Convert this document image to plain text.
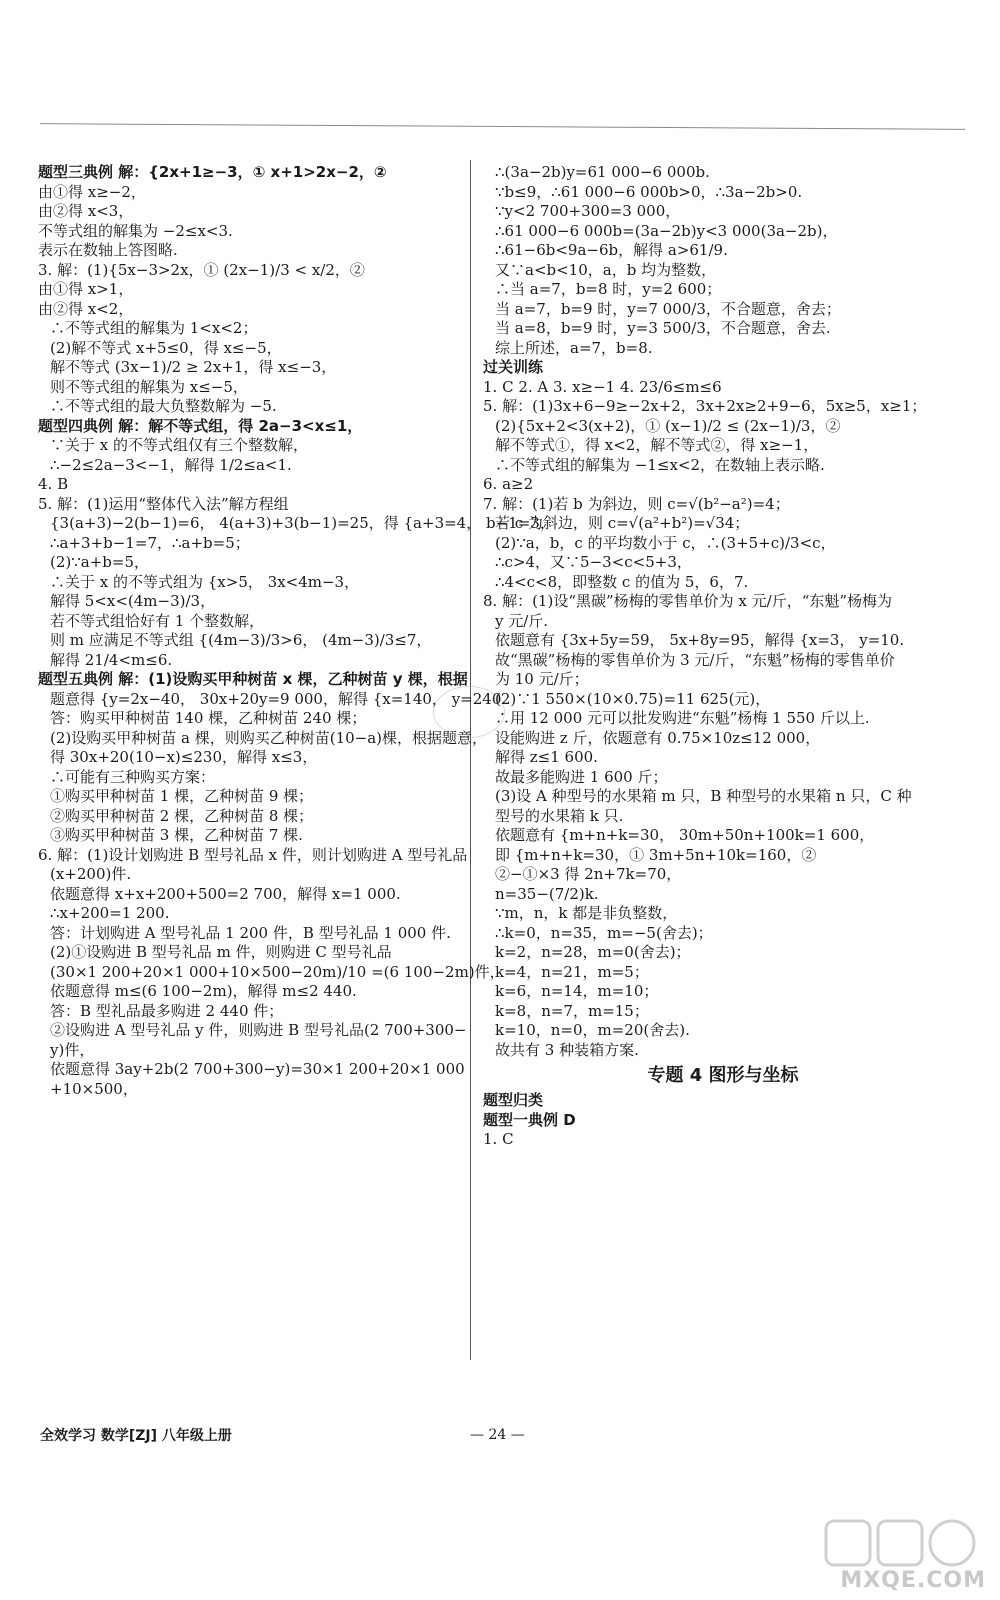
题型三典例 解：{2x+1≥−3，① x+1>2x−2，②
由①得 x≥−2，
由②得 x<3，
不等式组的解集为 −2≤x<3.
表示在数轴上答图略.
3. 解：(1){5x−3>2x，① (2x−1)/3 < x/2，②
由①得 x>1，
由②得 x<2，
∴不等式组的解集为 1<x<2；
(2)解不等式 x+5≤0，得 x≤−5，
解不等式 (3x−1)/2 ≥ 2x+1，得 x≤−3，
则不等式组的解集为 x≤−5，
∴不等式组的最大负整数解为 −5.
题型四典例 解：解不等式组，得 2a−3<x≤1，
∵关于 x 的不等式组仅有三个整数解，
∴−2≤2a−3<−1，解得 1/2≤a<1.
4. B
5. 解：(1)运用“整体代入法”解方程组
{3(a+3)−2(b−1)=6， 4(a+3)+3(b−1)=25，得 {a+3=4， b−1=3，
∴a+3+b−1=7，∴a+b=5；
(2)∵a+b=5，
∴关于 x 的不等式组为 {x>5， 3x<4m−3，
解得 5<x<(4m−3)/3，
若不等式组恰好有 1 个整数解，
则 m 应满足不等式组 {(4m−3)/3>6， (4m−3)/3≤7，
解得 21/4<m≤6.
题型五典例 解：(1)设购买甲种树苗 x 棵，乙种树苗 y 棵，根据
题意得 {y=2x−40， 30x+20y=9 000，解得 {x=140， y=240.
答：购买甲种树苗 140 棵，乙种树苗 240 棵；
(2)设购买甲种树苗 a 棵，则购买乙种树苗(10−a)棵，根据题意，
得 30x+20(10−x)≤230，解得 x≤3，
∴可能有三种购买方案：
①购买甲种树苗 1 棵，乙种树苗 9 棵；
②购买甲种树苗 2 棵，乙种树苗 8 棵；
③购买甲种树苗 3 棵，乙种树苗 7 棵.
6. 解：(1)设计划购进 B 型号礼品 x 件，则计划购进 A 型号礼品
(x+200)件.
依题意得 x+x+200+500=2 700，解得 x=1 000.
∴x+200=1 200.
答：计划购进 A 型号礼品 1 200 件，B 型号礼品 1 000 件.
(2)①设购进 B 型号礼品 m 件，则购进 C 型号礼品
(30×1 200+20×1 000+10×500−20m)/10 =(6 100−2m)件，
依题意得 m≤(6 100−2m)，解得 m≤2 440.
答：B 型礼品最多购进 2 440 件；
②设购进 A 型号礼品 y 件，则购进 B 型号礼品(2 700+300−
y)件，
依题意得 3ay+2b(2 700+300−y)=30×1 200+20×1 000
+10×500，
∴(3a−2b)y=61 000−6 000b.
∵b≤9，∴61 000−6 000b>0，∴3a−2b>0.
∵y<2 700+300=3 000，
∴61 000−6 000b=(3a−2b)y<3 000(3a−2b)，
∴61−6b<9a−6b，解得 a>61/9.
又∵a<b<10，a，b 均为整数，
∴当 a=7，b=8 时，y=2 600；
当 a=7，b=9 时，y=7 000/3，不合题意，舍去；
当 a=8，b=9 时，y=3 500/3，不合题意，舍去.
综上所述，a=7，b=8.
过关训练
1. C 2. A 3. x≥−1 4. 23/6≤m≤6
5. 解：(1)3x+6−9≥−2x+2，3x+2x≥2+9−6，5x≥5，x≥1；
(2){5x+2<3(x+2)，① (x−1)/2 ≤ (2x−1)/3，②
解不等式①，得 x<2，解不等式②，得 x≥−1，
∴不等式组的解集为 −1≤x<2，在数轴上表示略.
6. a≥2
7. 解：(1)若 b 为斜边，则 c=√(b²−a²)=4；
若 c 为斜边，则 c=√(a²+b²)=√34；
(2)∵a，b，c 的平均数小于 c，∴(3+5+c)/3<c，
∴c>4，又∵5−3<c<5+3，
∴4<c<8，即整数 c 的值为 5，6，7.
8. 解：(1)设“黑碳”杨梅的零售单价为 x 元/斤，“东魁”杨梅为
y 元/斤.
依题意有 {3x+5y=59， 5x+8y=95，解得 {x=3， y=10.
故“黑碳”杨梅的零售单价为 3 元/斤，“东魁”杨梅的零售单价
为 10 元/斤；
(2)∵1 550×(10×0.75)=11 625(元)，
∴用 12 000 元可以批发购进“东魁”杨梅 1 550 斤以上.
设能购进 z 斤，依题意有 0.75×10z≤12 000，
解得 z≤1 600.
故最多能购进 1 600 斤；
(3)设 A 种型号的水果箱 m 只，B 种型号的水果箱 n 只，C 种
型号的水果箱 k 只.
依题意有 {m+n+k=30， 30m+50n+100k=1 600，
即 {m+n+k=30，① 3m+5n+10k=160，②
②−①×3 得 2n+7k=70，
n=35−(7/2)k.
∵m，n，k 都是非负整数，
∴k=0，n=35，m=−5(舍去)；
k=2，n=28，m=0(舍去)；
k=4，n=21，m=5；
k=6，n=14，m=10；
k=8，n=7，m=15；
k=10，n=0，m=20(舍去).
故共有 3 种装箱方案.
专题 4 图形与坐标
题型归类
题型一典例 D
1. C
全效学习 数学[ZJ] 八年级上册	— 24 —
MXQE.COM
